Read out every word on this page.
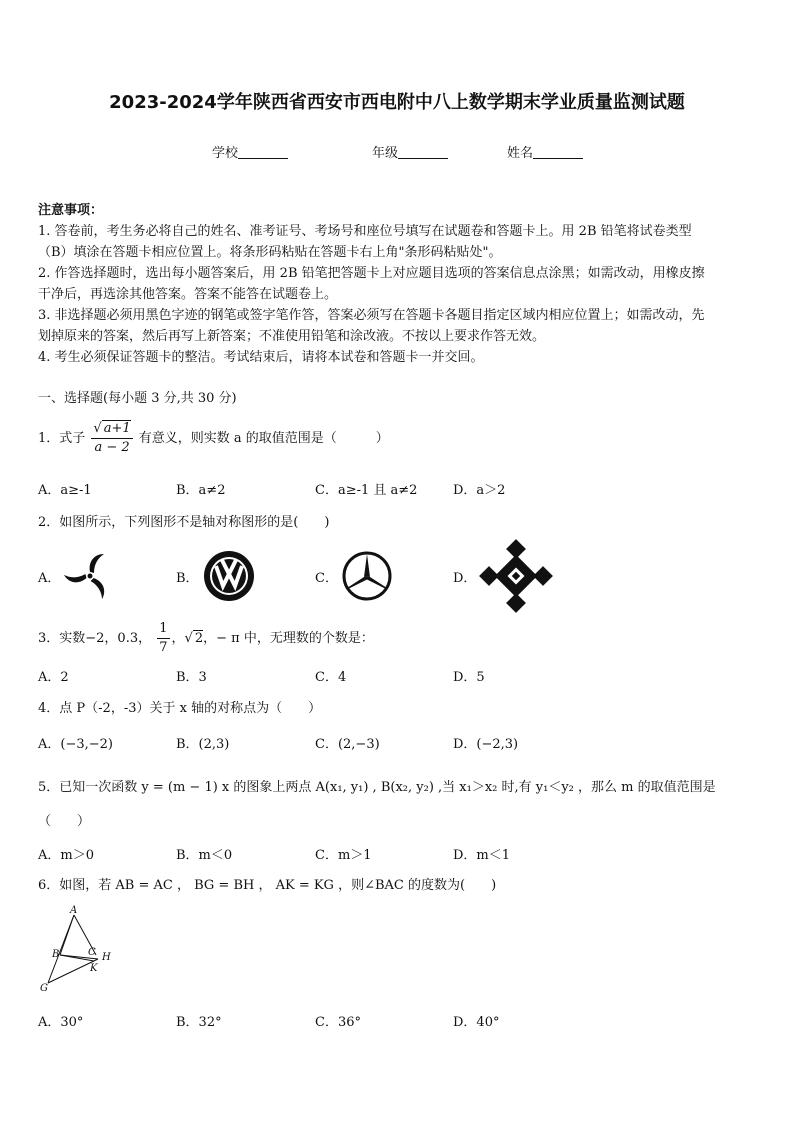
2023-2024学年陕西省西安市西电附中八上数学期末学业质量监测试题
学校	年级	姓名
注意事项：
1. 答卷前，考生务必将自己的姓名、准考证号、考场号和座位号填写在试题卷和答题卡上。用 2B 铅笔将试卷类型
（B）填涂在答题卡相应位置上。将条形码粘贴在答题卡右上角"条形码粘贴处"。
2. 作答选择题时，选出每小题答案后，用 2B 铅笔把答题卡上对应题目选项的答案信息点涂黑；如需改动，用橡皮擦
干净后，再选涂其他答案。答案不能答在试题卷上。
3. 非选择题必须用黑色字迹的钢笔或签字笔作答，答案必须写在答题卡各题目指定区域内相应位置上；如需改动，先
划掉原来的答案，然后再写上新答案；不准使用铅笔和涂改液。不按以上要求作答无效。
4. 考生必须保证答题卡的整洁。考试结束后，请将本试卷和答题卡一并交回。
一、选择题(每小题 3 分,共 30 分)
1．式子 $\frac{√ a+1}{a - 2}$ 有意义，则实数 a 的取值范围是（　　　）
A．a≥-1	B．a≠2	C．a≥-1 且 a≠2	D．a＞2
2．如图所示，下列图形不是轴对称图形的是(　　)
A．	B．	C．	D．
3．实数−2，0.3， $\frac{1}{7}$ ，√ 2，− π 中，无理数的个数是：
A．2	B．3	C．4	D．5
4．点 P（-2，-3）关于 x 轴的对称点为（　　）
A．(−3,−2)	B．(2,3)	C．(2,−3)	D．(−2,3)
5．已知一次函数 y = (m − 1) x 的图象上两点 A(x₁, y₁) , B(x₂, y₂) ,当 x₁＞x₂ 时,有 y₁＜y₂ ，那么 m 的取值范围是
（　　）
A．m＞0	B．m＜0	C．m＞1	D．m＜1
6．如图，若 AB = AC ， BG = BH ， AK = KG ，则∠BAC 的度数为(　　)
A
B	C H
K
G
A．30°	B．32°	C．36°	D．40°
